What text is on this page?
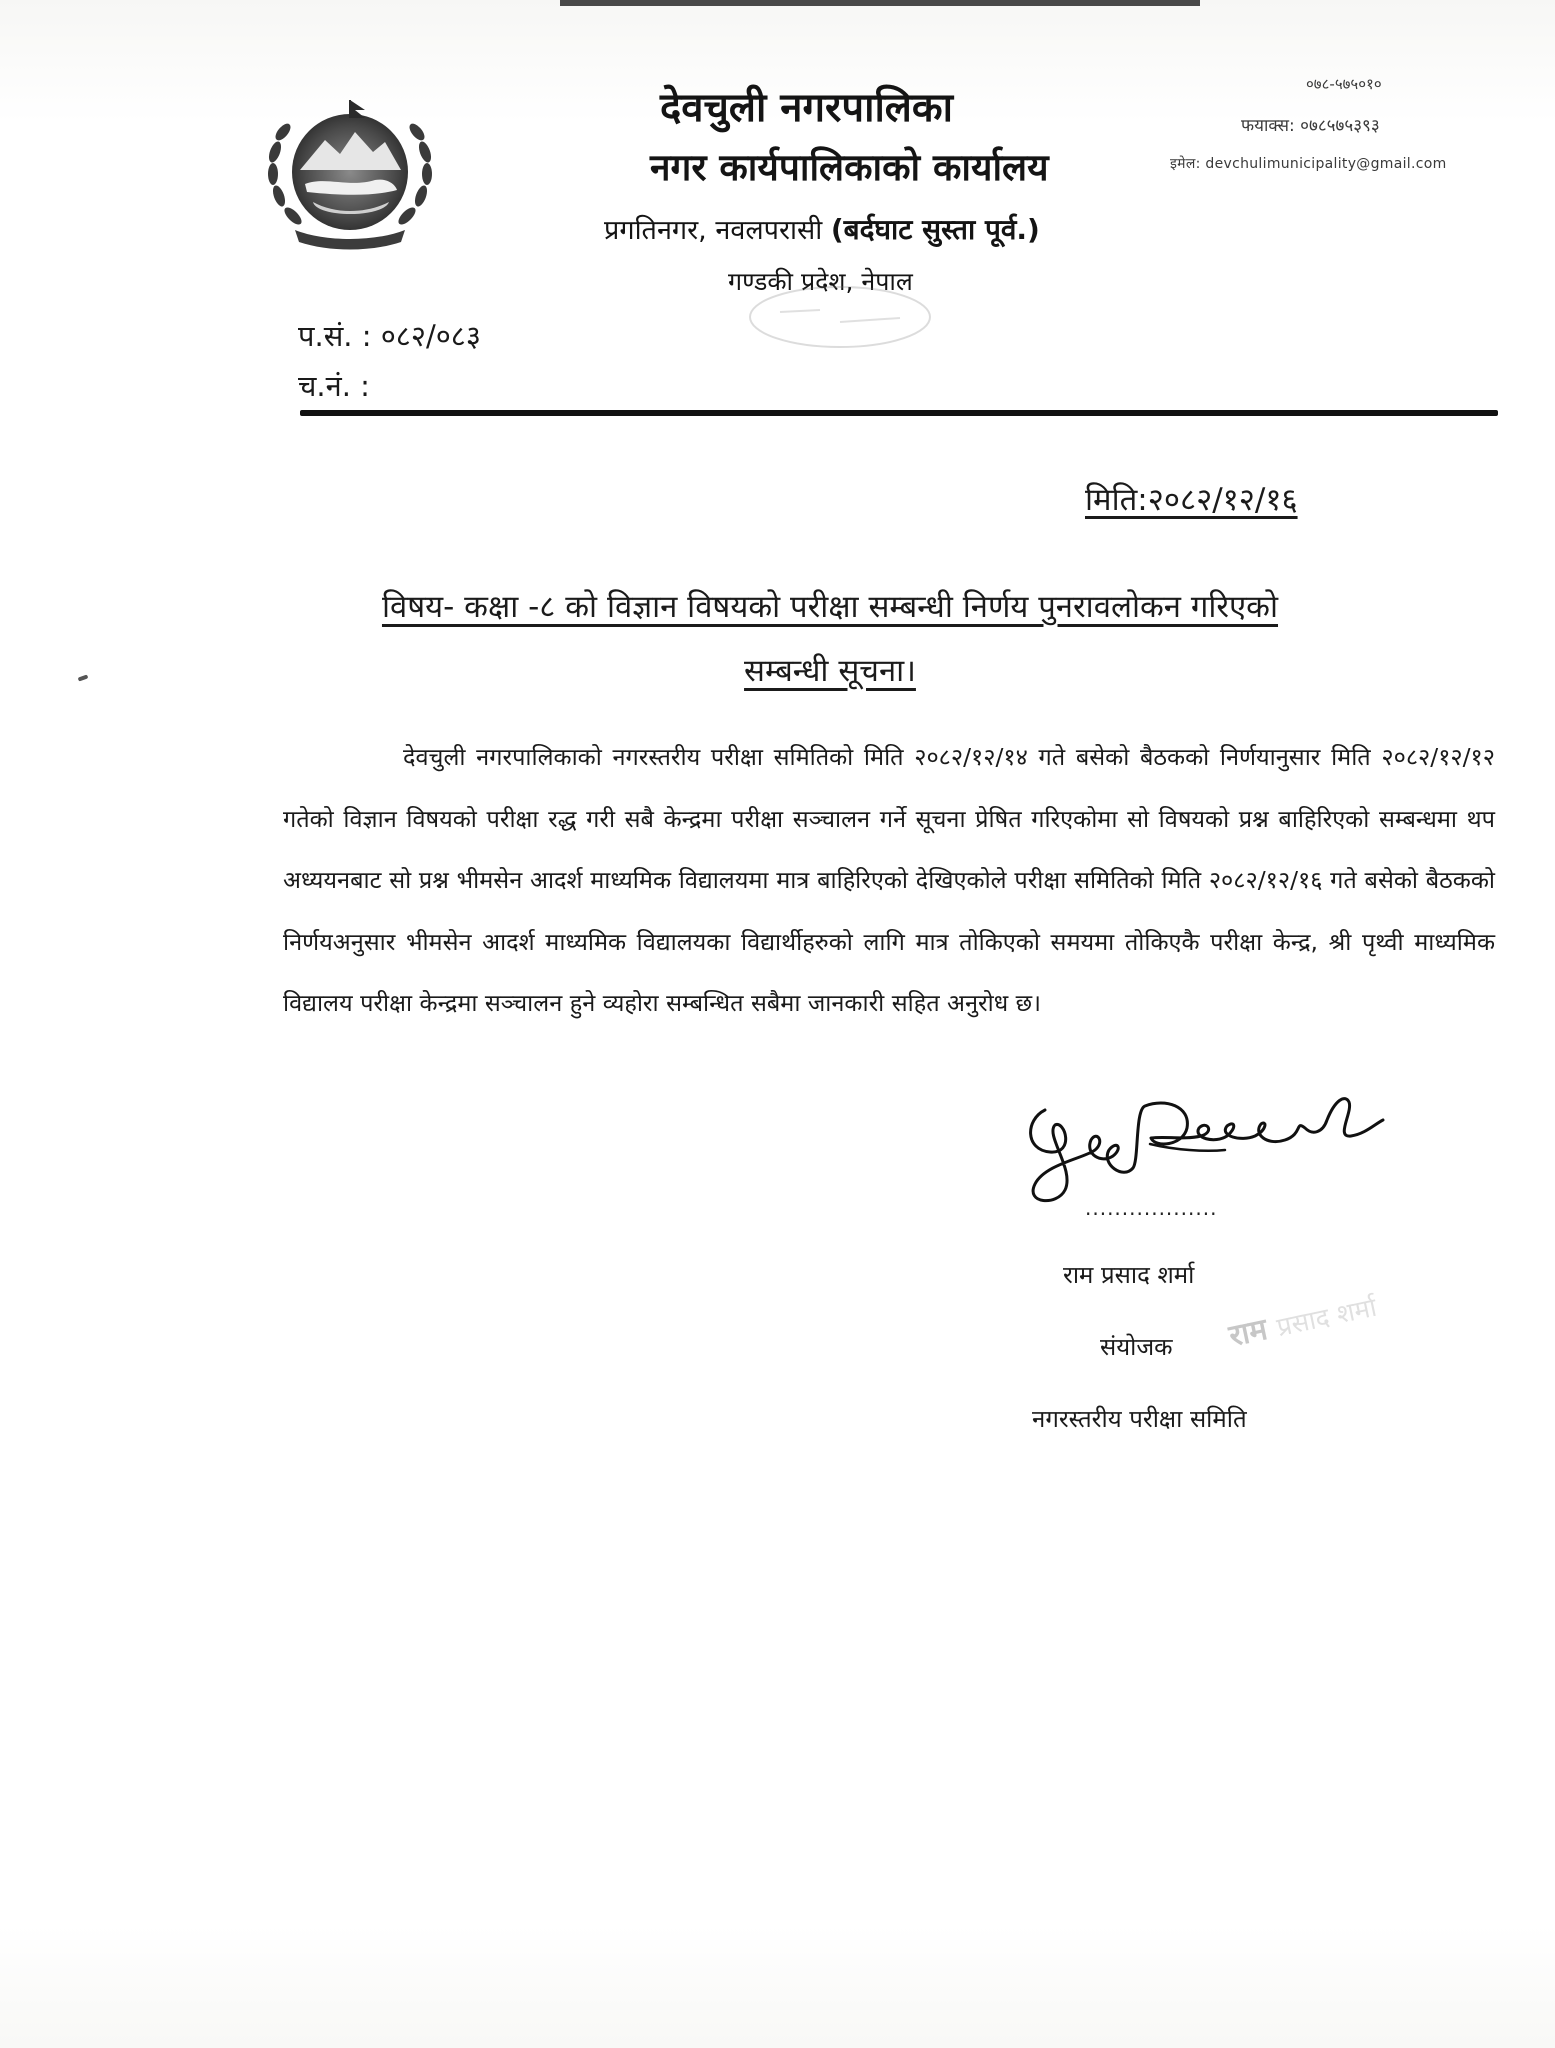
देवचुली नगरपालिका
नगर कार्यपालिकाको कार्यालय
प्रगतिनगर, नवलपरासी (बर्दघाट सुस्ता पूर्व.)
गण्डकी प्रदेश, नेपाल
०७८-५७५०१०
फयाक्स: ०७८५७५३९३
इमेल: devchulimunicipality@gmail.com
प.सं. : ०८२/०८३
च.नं. :
मिति:२०८२/१२/१६
विषय- कक्षा -८ को विज्ञान विषयको परीक्षा सम्बन्धी निर्णय पुनरावलोकन गरिएको
सम्बन्धी सूचना।
देवचुली नगरपालिकाको नगरस्तरीय परीक्षा समितिको मिति २०८२/१२/१४ गते बसेको बैठकको निर्णयानुसार मिति २०८२/१२/१२ गतेको विज्ञान विषयको परीक्षा रद्ध गरी सबै केन्द्रमा परीक्षा सञ्चालन गर्ने सूचना प्रेषित गरिएकोमा सो विषयको प्रश्न बाहिरिएको सम्बन्धमा थप अध्ययनबाट सो प्रश्न भीमसेन आदर्श माध्यमिक विद्यालयमा मात्र बाहिरिएको देखिएकोले परीक्षा समितिको मिति २०८२/१२/१६ गते बसेको बैठकको निर्णयअनुसार भीमसेन आदर्श माध्यमिक विद्यालयका विद्यार्थीहरुको लागि मात्र तोकिएको समयमा तोकिएकै परीक्षा केन्द्र, श्री पृथ्वी माध्यमिक विद्यालय परीक्षा केन्द्रमा सञ्चालन हुने व्यहोरा सम्बन्धित सबैमा जानकारी सहित अनुरोध छ।
..................
राम प्रसाद शर्मा
संयोजक
नगरस्तरीय परीक्षा समिति
राम प्रसाद शर्मा
